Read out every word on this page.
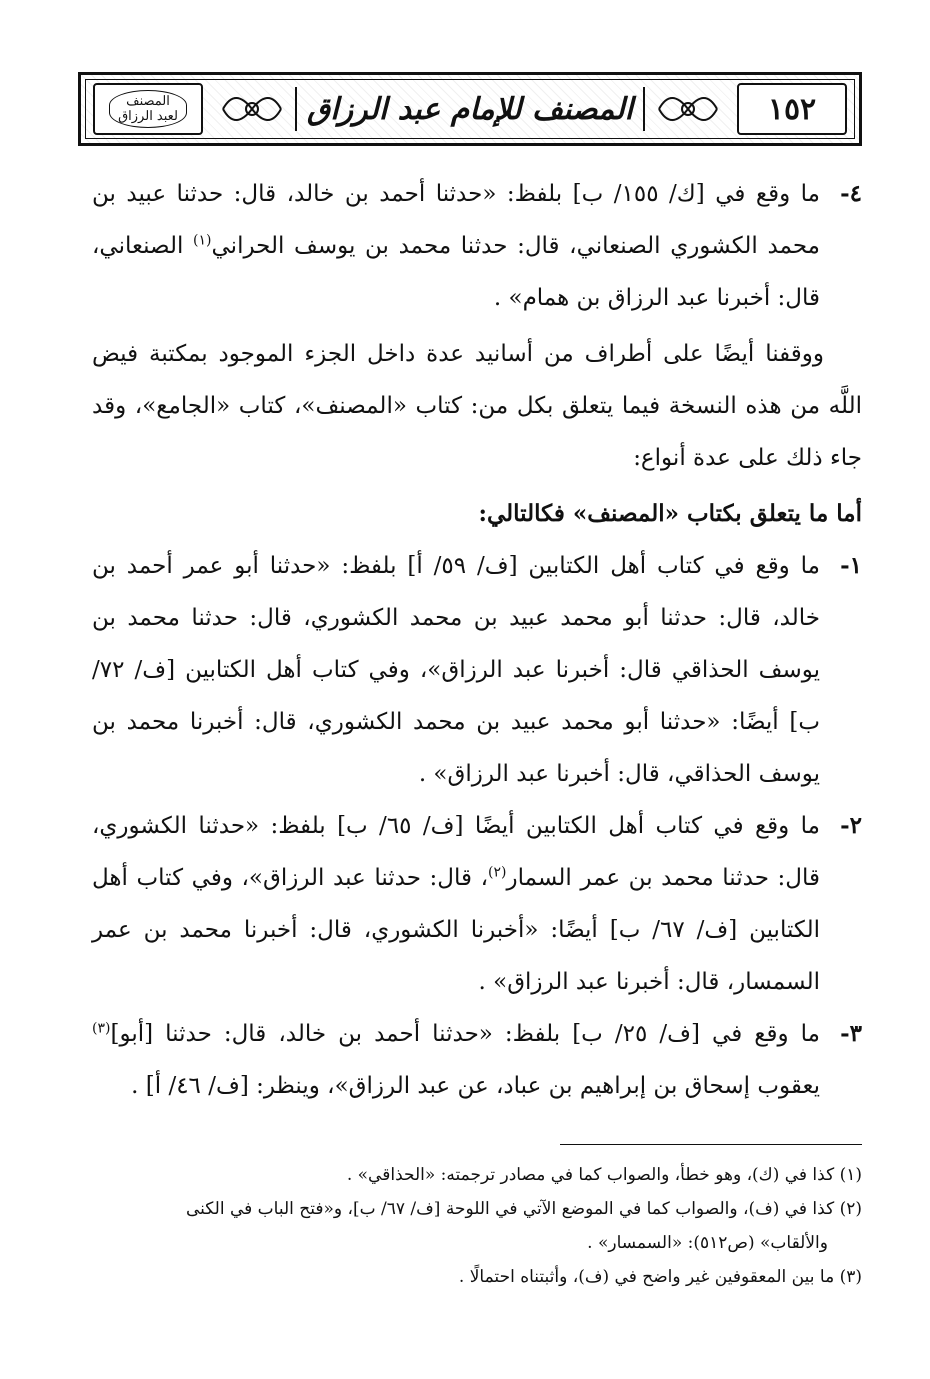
١٥٢
المصنف للإمام عبد الرزاق
المصنف
لعبد الرزاق

٤-
ما وقع في [ك/ ١٥٥/ ب] بلفظ: «حدثنا أحمد بن خالد، قال: حدثنا عبيد بن محمد الكشوري الصنعاني، قال: حدثنا محمد بن يوسف الحراني$^{(١)}$ الصنعاني، قال: أخبرنا عبد الرزاق بن همام» .

ووقفنا أيضًا على أطراف من أسانيد عدة داخل الجزء الموجود بمكتبة فيض اللَّه من هذه النسخة فيما يتعلق بكل من: كتاب «المصنف»، كتاب «الجامع»، وقد جاء ذلك على عدة أنواع:

أما ما يتعلق بكتاب «المصنف» فكالتالي:

١-
ما وقع في كتاب أهل الكتابين [ف/ ٥٩/ أ] بلفظ: «حدثنا أبو عمر أحمد بن خالد، قال: حدثنا أبو محمد عبيد بن محمد الكشوري، قال: حدثنا محمد بن يوسف الحذاقي قال: أخبرنا عبد الرزاق»، وفي كتاب أهل الكتابين [ف/ ٧٢/ ب] أيضًا: «حدثنا أبو محمد عبيد بن محمد الكشوري، قال: أخبرنا محمد بن يوسف الحذاقي، قال: أخبرنا عبد الرزاق» .

٢-
ما وقع في كتاب أهل الكتابين أيضًا [ف/ ٦٥/ ب] بلفظ: «حدثنا الكشوري، قال: حدثنا محمد بن عمر السمار$^{(٢)}$، قال: حدثنا عبد الرزاق»، وفي كتاب أهل الكتابين [ف/ ٦٧/ ب] أيضًا: «أخبرنا الكشوري، قال: أخبرنا محمد بن عمر السمسار، قال: أخبرنا عبد الرزاق» .

٣-
ما وقع في [ف/ ٢٥/ ب] بلفظ: «حدثنا أحمد بن خالد، قال: حدثنا [أبو]$^{(٣)}$ يعقوب إسحاق بن إبراهيم بن عباد، عن عبد الرزاق»، وينظر: [ف/ ٤٦/ أ] .

(١) كذا في (ك)، وهو خطأ، والصواب كما في مصادر ترجمته: «الحذاقي» .

(٢) كذا في (ف)، والصواب كما في الموضع الآتي في اللوحة [ف/ ٦٧/ ب]، و«فتح الباب في الكنى

والألقاب» (ص٥١٢): «السمسار» .

(٣) ما بين المعقوفين غير واضح في (ف)، وأثبتناه احتمالًا .
